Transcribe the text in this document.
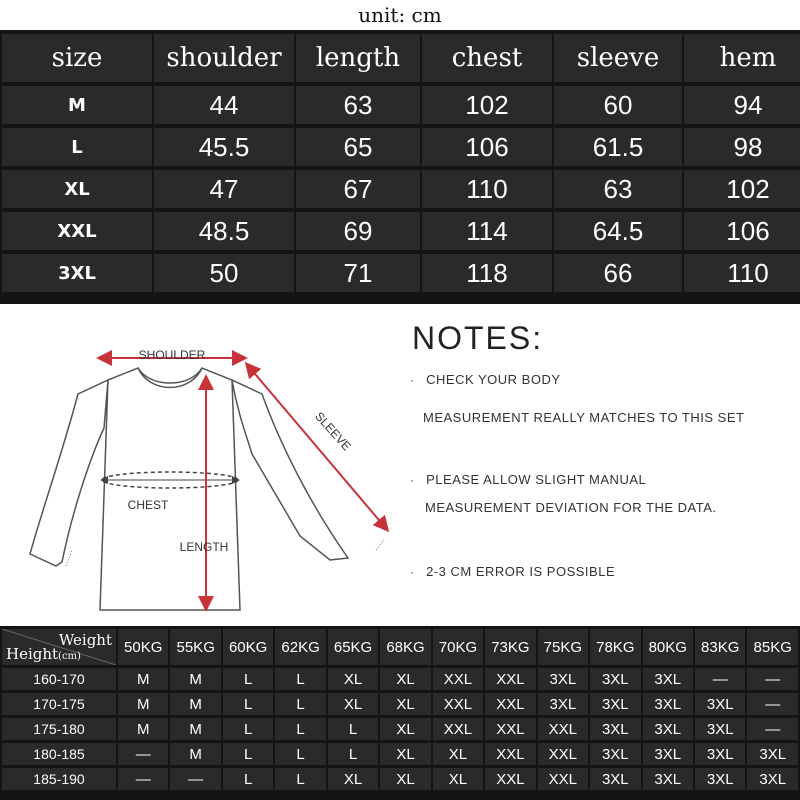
unit: cm
size	shoulder	length	chest	sleeve	hem
M	44	63	102	60	94
L	45.5	65	106	61.5	98
XL	47	67	110	63	102
XXL	48.5	69	114	64.5	106
3XL	50	71	118	66	110
SHOULDER
SLEEVE
CHEST
LENGTH
NOTES:
· CHECK YOUR BODY
MEASUREMENT REALLY MATCHES TO THIS SET
· PLEASE ALLOW SLIGHT MANUAL
MEASUREMENT DEVIATION FOR THE DATA.
· 2-3 CM ERROR IS POSSIBLE
Weight
Height(cm)	50KG	55KG	60KG	62KG	65KG	68KG	70KG	73KG	75KG	78KG	80KG	83KG	85KG
160-170	M	M	L	L	XL	XL	XXL	XXL	3XL	3XL	3XL	—	—
170-175	M	M	L	L	XL	XL	XXL	XXL	3XL	3XL	3XL	3XL	—
175-180	M	M	L	L	L	XL	XXL	XXL	XXL	3XL	3XL	3XL	—
180-185	—	M	L	L	L	XL	XL	XXL	XXL	3XL	3XL	3XL	3XL
185-190	—	—	L	L	XL	XL	XL	XXL	XXL	3XL	3XL	3XL	3XL
